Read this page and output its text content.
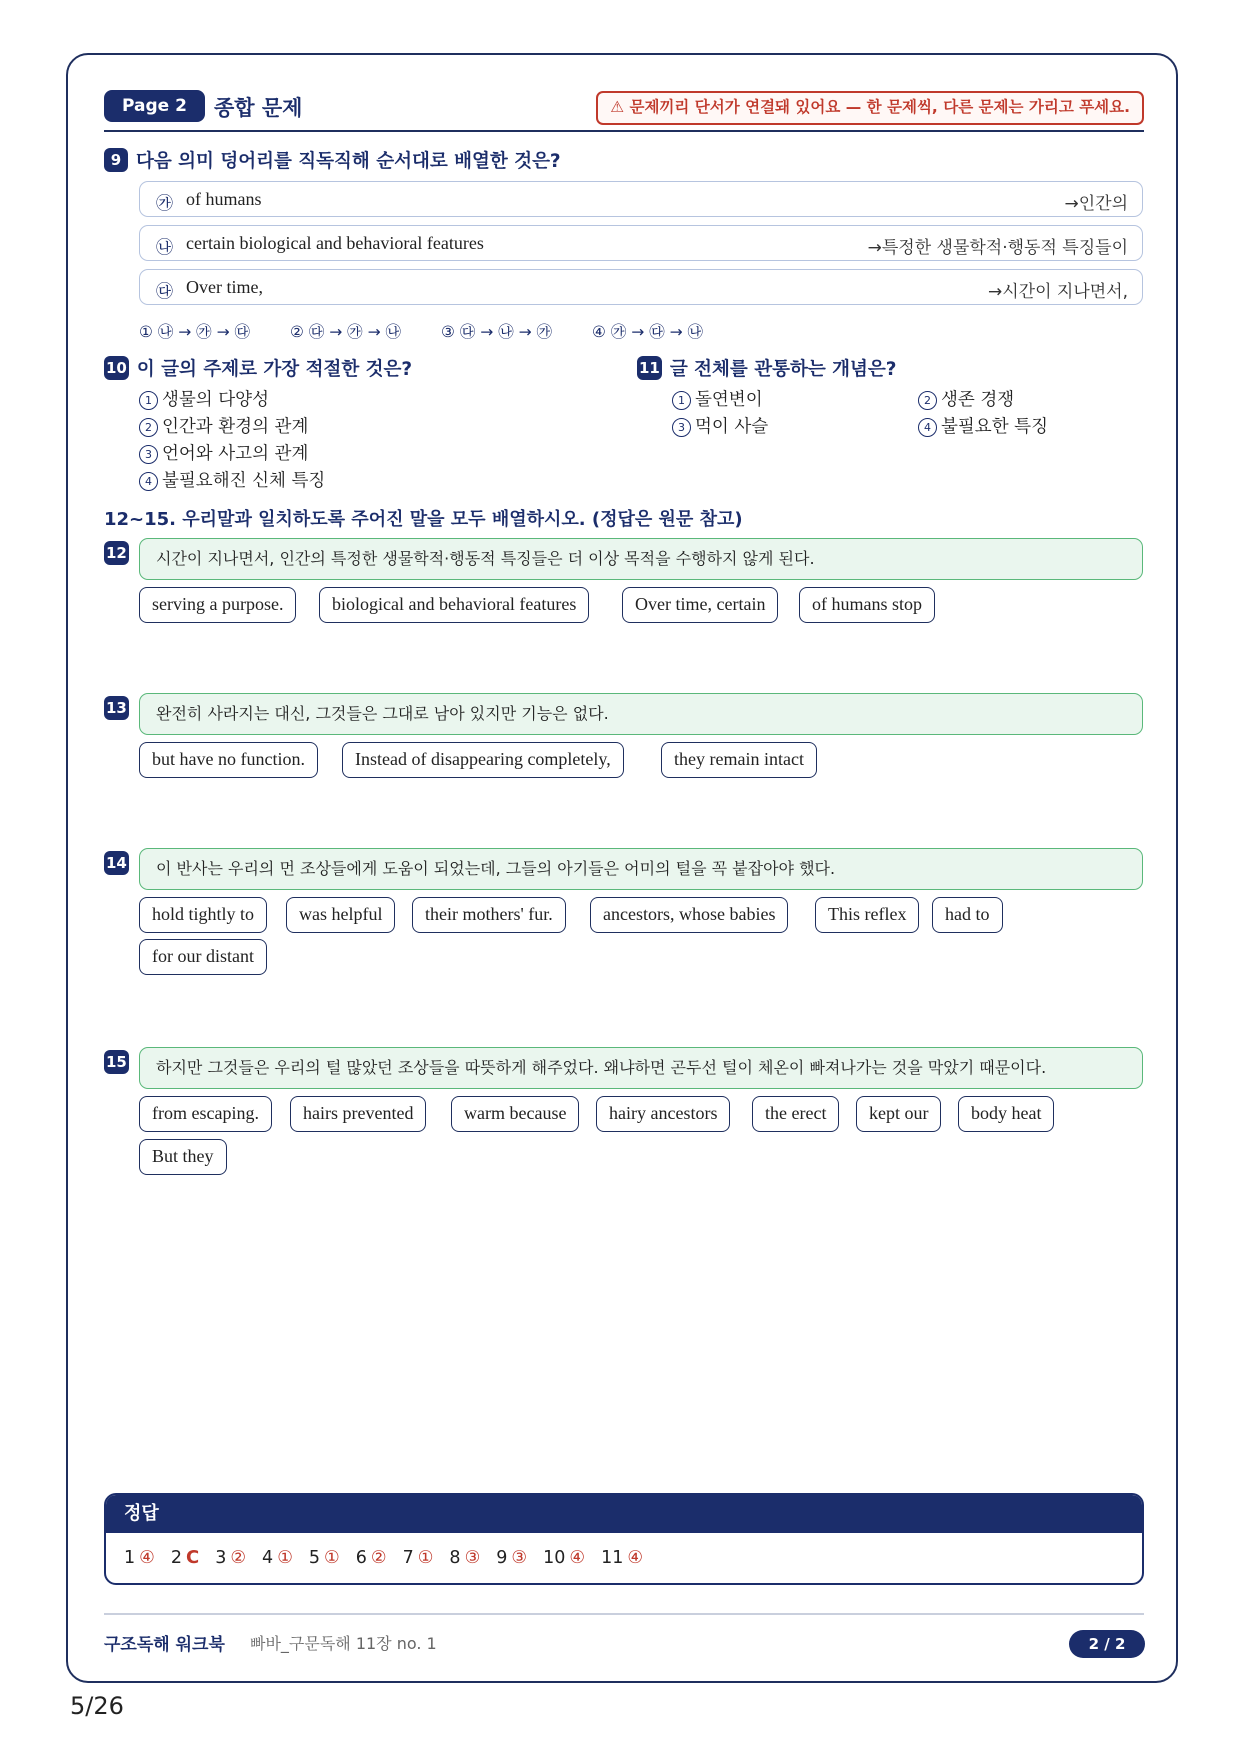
Page 2	종합 문제	⚠ 문제끼리 단서가 연결돼 있어요 — 한 문제씩, 다른 문제는 가리고 푸세요.
9 다음 의미 덩어리를 직독직해 순서대로 배열한 것은?
㉮ of humans	→인간의
㉯ certain biological and behavioral features	→특정한 생물학적·행동적 특징들이
㉰ Over time,	→시간이 지나면서,
① ㉯ → ㉮ → ㉰	② ㉰ → ㉮ → ㉯	③ ㉰ → ㉯ → ㉮	④ ㉮ → ㉰ → ㉯
10 이 글의 주제로 가장 적절한 것은?
1 생물의 다양성
2 인간과 환경의 관계
3 언어와 사고의 관계
4 불필요해진 신체 특징
11 글 전체를 관통하는 개념은?
1 돌연변이	2 생존 경쟁
3 먹이 사슬	4 불필요한 특징
12~15. 우리말과 일치하도록 주어진 말을 모두 배열하시오. (정답은 원문 참고)
12	시간이 지나면서, 인간의 특정한 생물학적·행동적 특징들은 더 이상 목적을 수행하지 않게 된다.
serving a purpose.	biological and behavioral features	Over time, certain	of humans stop
13	완전히 사라지는 대신, 그것들은 그대로 남아 있지만 기능은 없다.
but have no function.	Instead of disappearing completely,	they remain intact
14	이 반사는 우리의 먼 조상들에게 도움이 되었는데, 그들의 아기들은 어미의 털을 꼭 붙잡아야 했다.
hold tightly to	was helpful	their mothers' fur.	ancestors, whose babies	This reflex	had to
for our distant
15	하지만 그것들은 우리의 털 많았던 조상들을 따뜻하게 해주었다. 왜냐하면 곤두선 털이 체온이 빠져나가는 것을 막았기 때문이다.
from escaping.	hairs prevented	warm because	hairy ancestors	the erect	kept our	body heat
But they
정답
1 ④ 2 C 3 ② 4 ① 5 ① 6 ② 7 ① 8 ③ 9 ③ 10 ④ 11 ④
구조독해 워크북 빠바_구문독해 11장 no. 1	2 / 2
5/26
